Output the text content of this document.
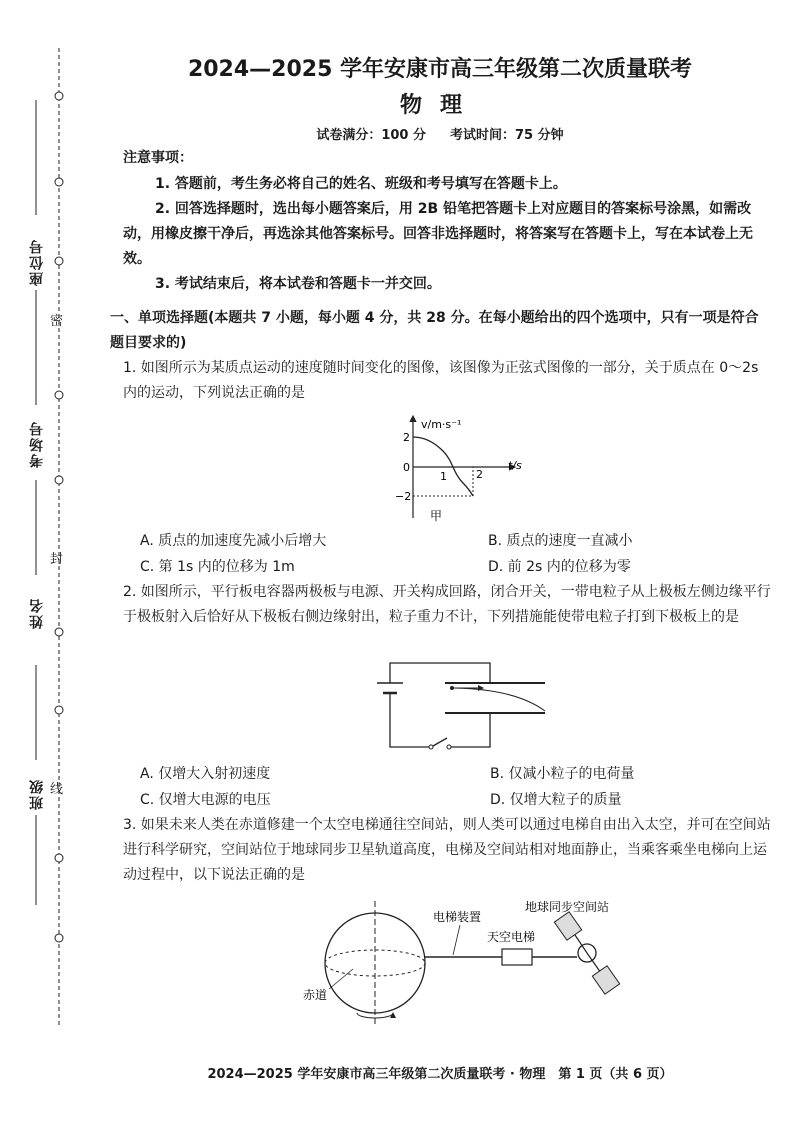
座位号
考场号
姓名
班级
密
封
线
2024—2025 学年安康市高三年级第二次质量联考
物理
试卷满分：100 分 考试时间：75 分钟
注意事项：
1. 答题前，考生务必将自己的姓名、班级和考号填写在答题卡上。
2. 回答选择题时，选出每小题答案后，用 2B 铅笔把答题卡上对应题目的答案标号涂黑，如需改动，用橡皮擦干净后，再选涂其他答案标号。回答非选择题时，将答案写在答题卡上，写在本试卷上无效。
3. 考试结束后，将本试卷和答题卡一并交回。
一、单项选择题(本题共 7 小题，每小题 4 分，共 28 分。在每小题给出的四个选项中，只有一项是符合题目要求的)
1. 如图所示为某质点运动的速度随时间变化的图像，该图像为正弦式图像的一部分，关于质点在 0～2s 内的运动，下列说法正确的是
v/m·s⁻¹
t/s
2
0
−2
1	2
甲
A. 质点的加速度先减小后增大	B. 质点的速度一直减小
C. 第 1s 内的位移为 1m	D. 前 2s 内的位移为零
2. 如图所示，平行板电容器两极板与电源、开关构成回路，闭合开关，一带电粒子从上极板左侧边缘平行于极板射入后恰好从下极板右侧边缘射出，粒子重力不计，下列措施能使带电粒子打到下极板上的是
A. 仅增大入射初速度	B. 仅减小粒子的电荷量
C. 仅增大电源的电压	D. 仅增大粒子的质量
3. 如果未来人类在赤道修建一个太空电梯通往空间站，则人类可以通过电梯自由出入太空，并可在空间站进行科学研究，空间站位于地球同步卫星轨道高度，电梯及空间站相对地面静止，当乘客乘坐电梯向上运动过程中，以下说法正确的是
电梯装置
地球同步空间站
天空电梯
赤道
2024—2025 学年安康市高三年级第二次质量联考 · 物理　第 1 页（共 6 页）
